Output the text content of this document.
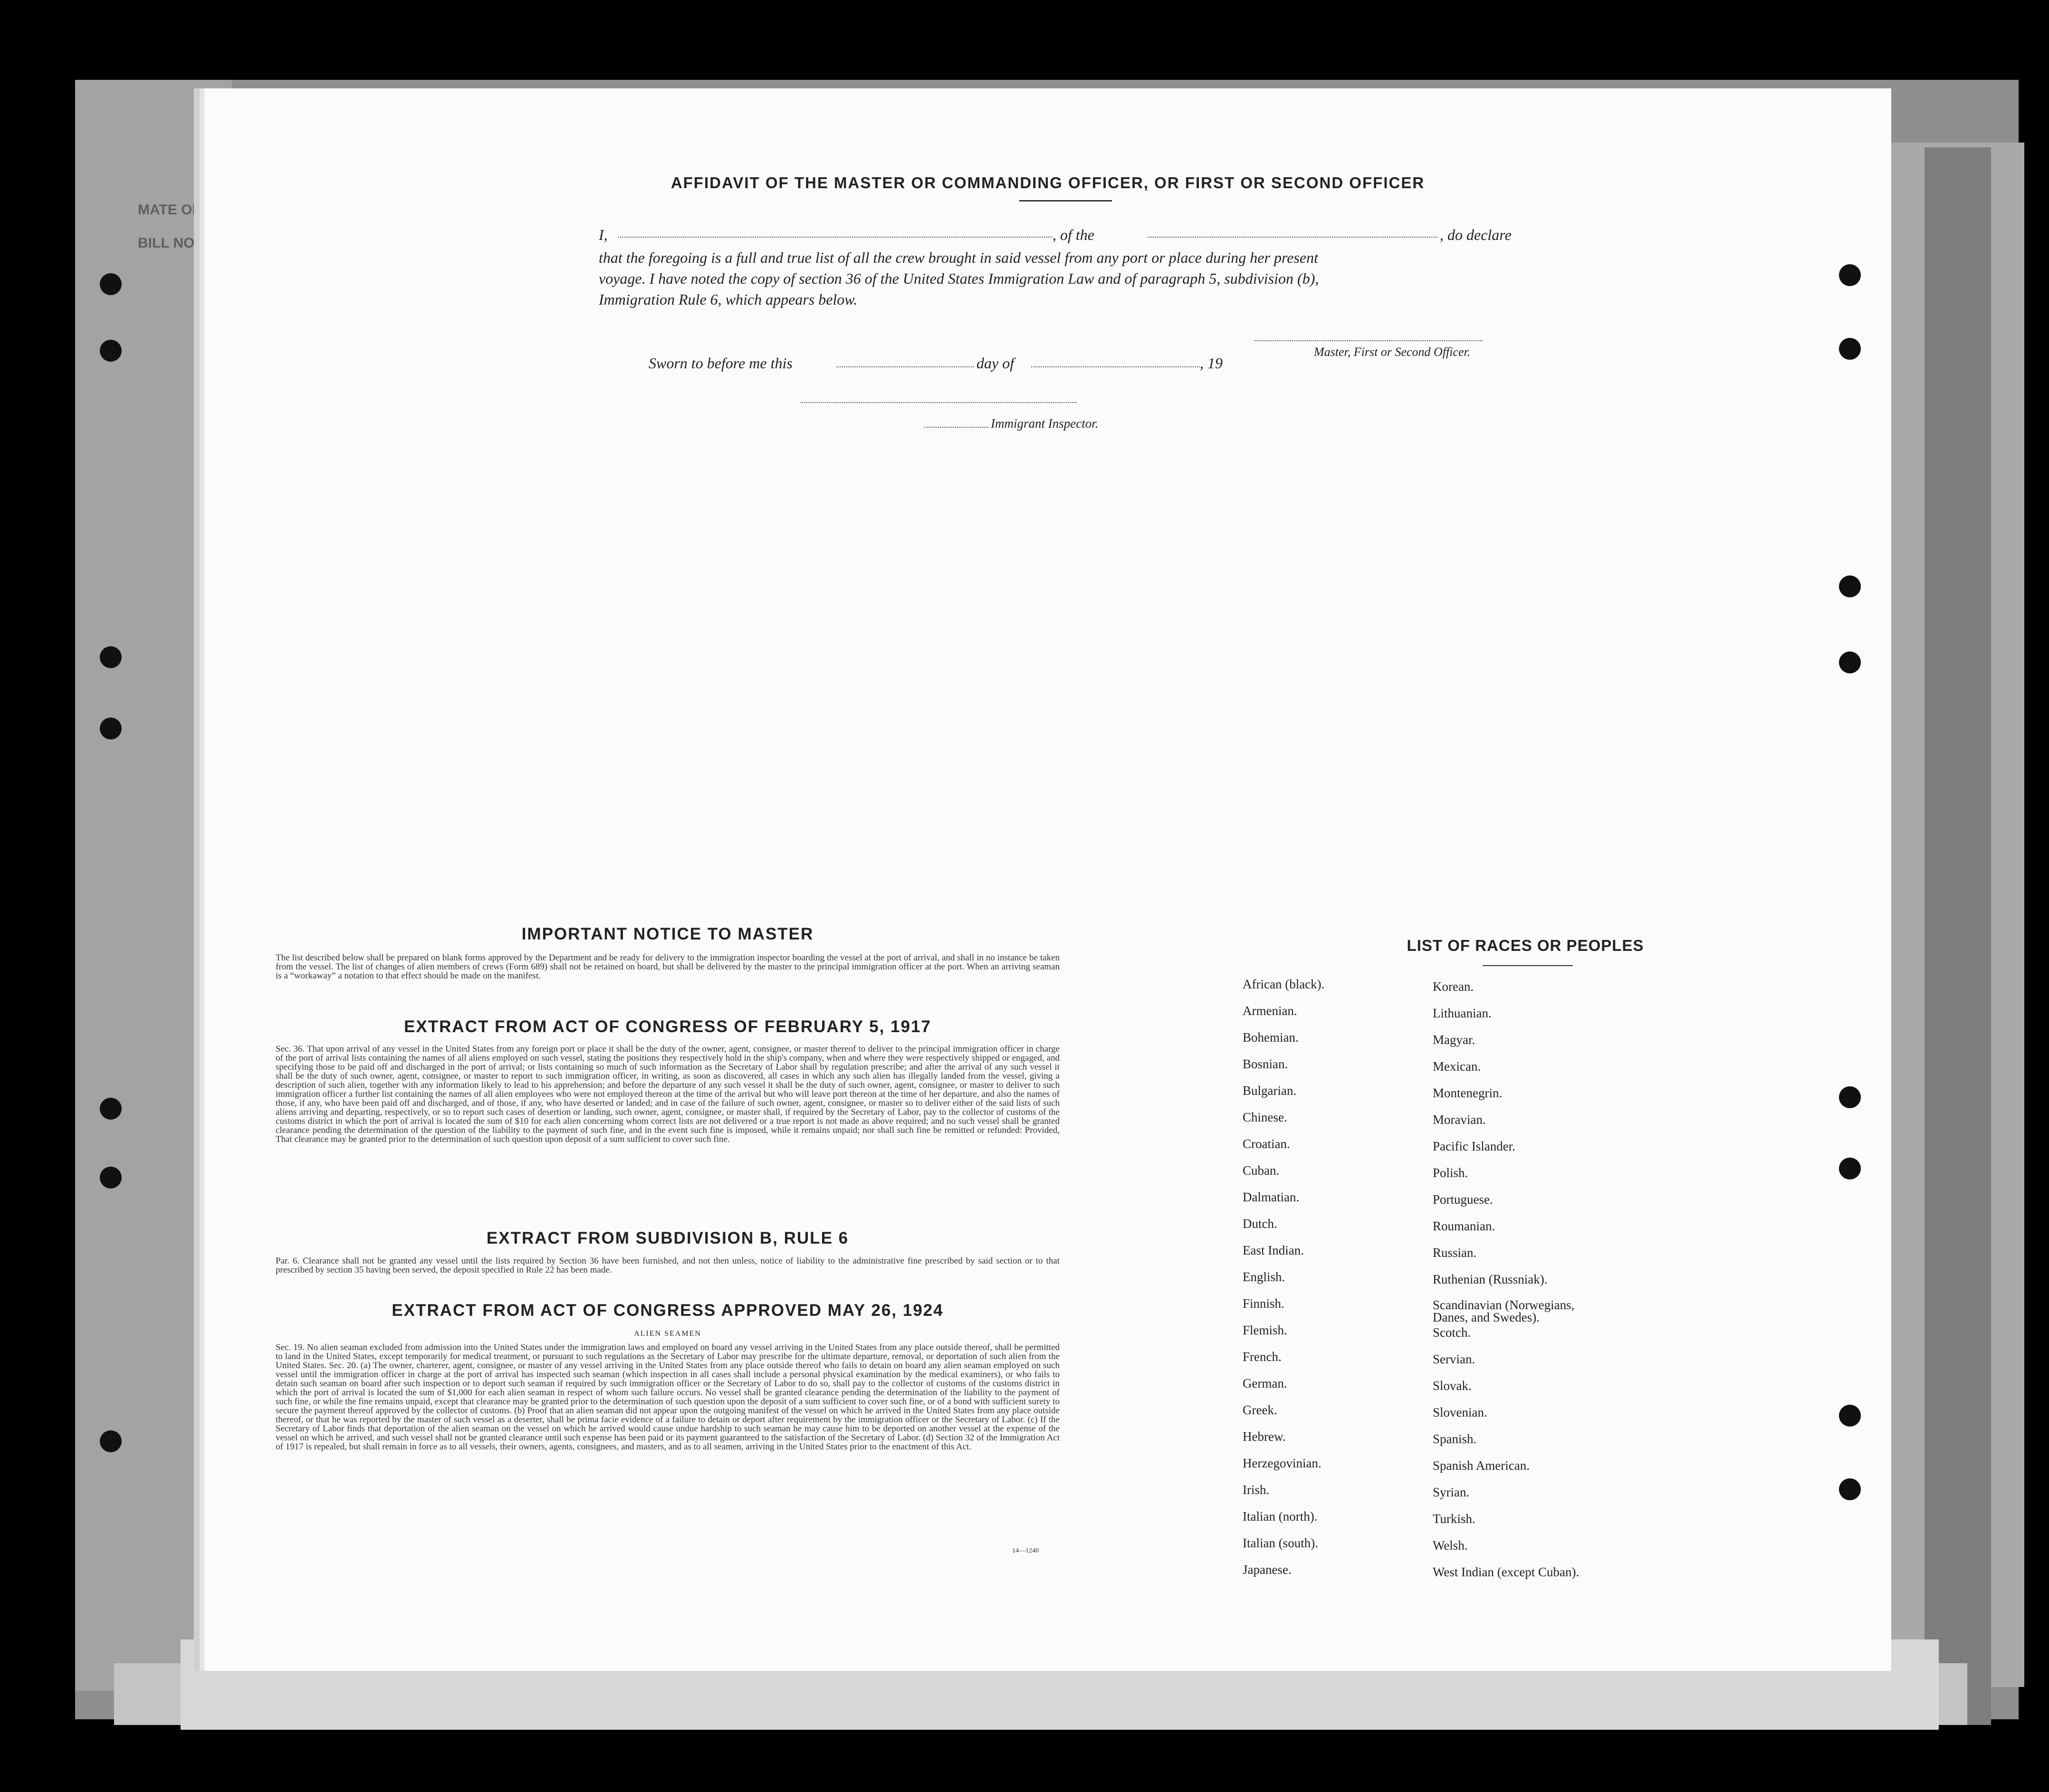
MATE OF
BILL NO.
AFFIDAVIT OF THE MASTER OR COMMANDING OFFICER, OR FIRST OR SECOND OFFICER
I,	, of the	, do declare
that the foregoing is a full and true list of all the crew brought in said vessel from any port or place during her present
voyage. I have noted the copy of section 36 of the United States Immigration Law and of paragraph 5, subdivision (b),
Immigration Rule 6, which appears below.
Master, First or Second Officer.
Sworn to before me this	day of	, 19
Immigrant Inspector.
IMPORTANT NOTICE TO MASTER
The list described below shall be prepared on blank forms approved by the Department and be ready for delivery to the immigration inspector boarding the vessel at the port of arrival, and shall in no instance be taken from the vessel. The list of changes of alien members of crews (Form 689) shall not be retained on board, but shall be delivered by the master to the principal immigration officer at the port. When an arriving seaman is a “workaway” a notation to that effect should be made on the manifest.
EXTRACT FROM ACT OF CONGRESS OF FEBRUARY 5, 1917
Sec. 36. That upon arrival of any vessel in the United States from any foreign port or place it shall be the duty of the owner, agent, consignee, or master thereof to deliver to the principal immigration officer in charge of the port of arrival lists containing the names of all aliens employed on such vessel, stating the positions they respectively hold in the ship's company, when and where they were respectively shipped or engaged, and specifying those to be paid off and discharged in the port of arrival; or lists containing so much of such information as the Secretary of Labor shall by regulation prescribe; and after the arrival of any such vessel it shall be the duty of such owner, agent, consignee, or master to report to such immigration officer, in writing, as soon as discovered, all cases in which any such alien has illegally landed from the vessel, giving a description of such alien, together with any information likely to lead to his apprehension; and before the departure of any such vessel it shall be the duty of such owner, agent, consignee, or master to deliver to such immigration officer a further list containing the names of all alien employees who were not employed thereon at the time of the arrival but who will leave port thereon at the time of her departure, and also the names of those, if any, who have been paid off and discharged, and of those, if any, who have deserted or landed; and in case of the failure of such owner, agent, consignee, or master so to deliver either of the said lists of such aliens arriving and departing, respectively, or so to report such cases of desertion or landing, such owner, agent, consignee, or master shall, if required by the Secretary of Labor, pay to the collector of customs of the customs district in which the port of arrival is located the sum of $10 for each alien concerning whom correct lists are not delivered or a true report is not made as above required; and no such vessel shall be granted clearance pending the determination of the question of the liability to the payment of such fine, and in the event such fine is imposed, while it remains unpaid; nor shall such fine be remitted or refunded: Provided, That clearance may be granted prior to the determination of such question upon deposit of a sum sufficient to cover such fine.
EXTRACT FROM SUBDIVISION B, RULE 6
Par. 6. Clearance shall not be granted any vessel until the lists required by Section 36 have been furnished, and not then unless, notice of liability to the administrative fine prescribed by said section or to that prescribed by section 35 having been served, the deposit specified in Rule 22 has been made.
EXTRACT FROM ACT OF CONGRESS APPROVED MAY 26, 1924
ALIEN SEAMEN
Sec. 19. No alien seaman excluded from admission into the United States under the immigration laws and employed on board any vessel arriving in the United States from any place outside thereof, shall be permitted to land in the United States, except temporarily for medical treatment, or pursuant to such regulations as the Secretary of Labor may prescribe for the ultimate departure, removal, or deportation of such alien from the United States. Sec. 20. (a) The owner, charterer, agent, consignee, or master of any vessel arriving in the United States from any place outside thereof who fails to detain on board any alien seaman employed on such vessel until the immigration officer in charge at the port of arrival has inspected such seaman (which inspection in all cases shall include a personal physical examination by the medical examiners), or who fails to detain such seaman on board after such inspection or to deport such seaman if required by such immigration officer or the Secretary of Labor to do so, shall pay to the collector of customs of the customs district in which the port of arrival is located the sum of $1,000 for each alien seaman in respect of whom such failure occurs. No vessel shall be granted clearance pending the determination of the liability to the payment of such fine, or while the fine remains unpaid, except that clearance may be granted prior to the determination of such question upon the deposit of a sum sufficient to cover such fine, or of a bond with sufficient surety to secure the payment thereof approved by the collector of customs. (b) Proof that an alien seaman did not appear upon the outgoing manifest of the vessel on which he arrived in the United States from any place outside thereof, or that he was reported by the master of such vessel as a deserter, shall be prima facie evidence of a failure to detain or deport after requirement by the immigration officer or the Secretary of Labor. (c) If the Secretary of Labor finds that deportation of the alien seaman on the vessel on which he arrived would cause undue hardship to such seaman he may cause him to be deported on another vessel at the expense of the vessel on which he arrived, and such vessel shall not be granted clearance until such expense has been paid or its payment guaranteed to the satisfaction of the Secretary of Labor. (d) Section 32 of the Immigration Act of 1917 is repealed, but shall remain in force as to all vessels, their owners, agents, consignees, and masters, and as to all seamen, arriving in the United States prior to the enactment of this Act.
14—1240
LIST OF RACES OR PEOPLES
African (black).
Armenian.
Bohemian.
Bosnian.
Bulgarian.
Chinese.
Croatian.
Cuban.
Dalmatian.
Dutch.
East Indian.
English.
Finnish.
Flemish.
French.
German.
Greek.
Hebrew.
Herzegovinian.
Irish.
Italian (north).
Italian (south).
Japanese.
Korean.
Lithuanian.
Magyar.
Mexican.
Montenegrin.
Moravian.
Pacific Islander.
Polish.
Portuguese.
Roumanian.
Russian.
Ruthenian (Russniak).
Scandinavian (Norwegians, Danes, and Swedes).
Scotch.
Servian.
Slovak.
Slovenian.
Spanish.
Spanish American.
Syrian.
Turkish.
Welsh.
West Indian (except Cuban).
